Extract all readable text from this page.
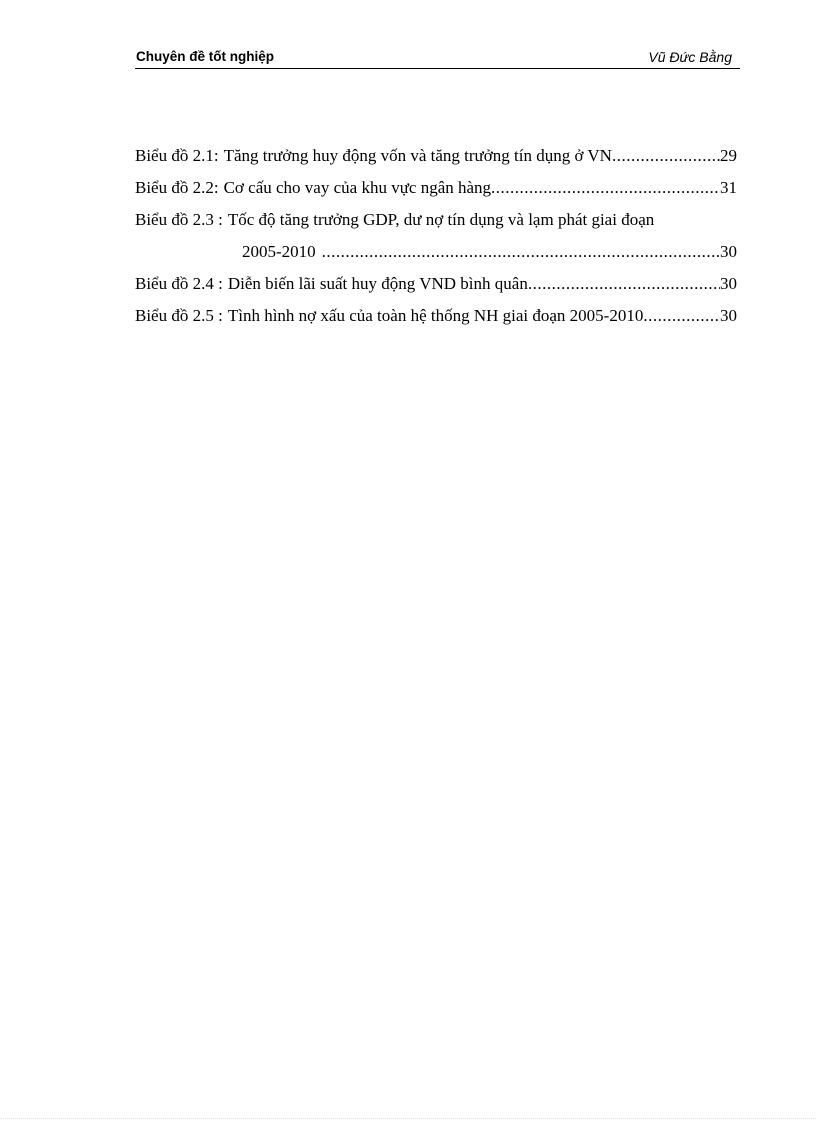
Chuyên đề tốt nghiệp	Vũ Đức Bằng
Biểu đồ 2.1: Tăng trưởng huy động vốn và tăng trưởng tín dụng ở VN .....	29
Biểu đồ 2.2: Cơ cấu cho vay của khu vực ngân hàng .....	31
Biểu đồ 2.3 : Tốc độ tăng trưởng GDP, dư nợ tín dụng và lạm phát giai đoạn
2005-2010 .....	30
Biểu đồ 2.4 : Diễn biến lãi suất huy động VND bình quân .....	30
Biểu đồ 2.5 : Tình hình nợ xấu của toàn hệ thống NH giai đoạn 2005-2010 .....	30
